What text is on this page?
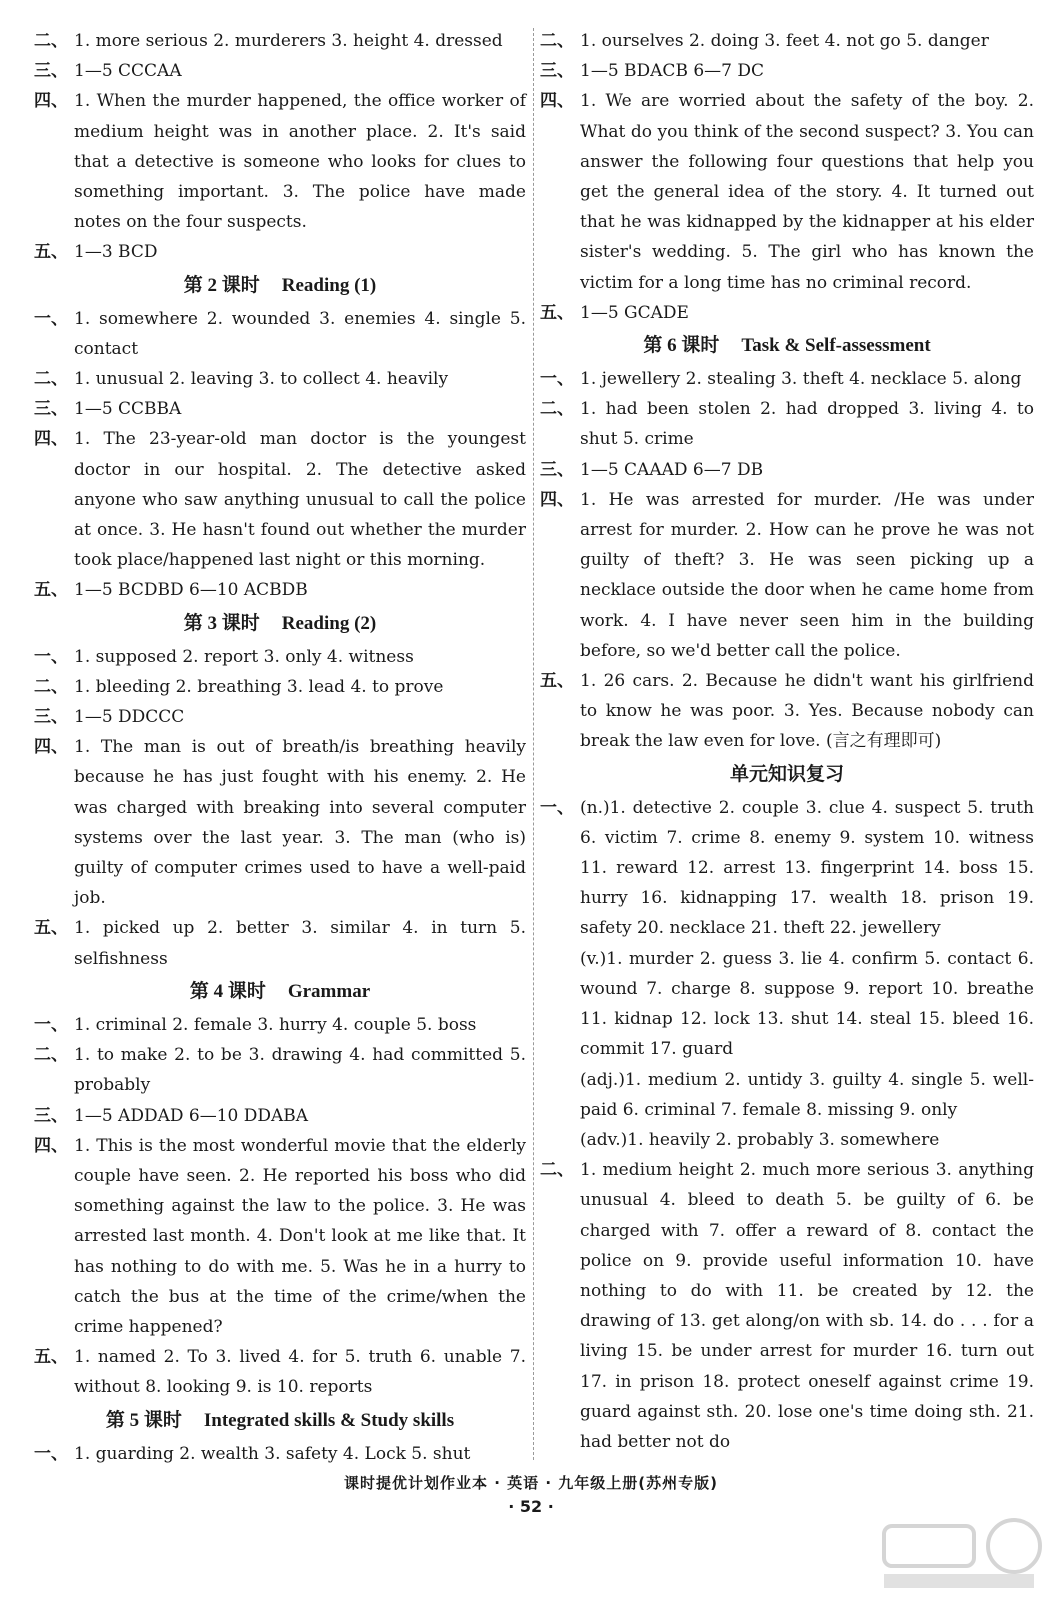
二、 1. more serious 2. murderers 3. height 4. dressed
三、 1—5 CCCAA
四、 1. When the murder happened, the office worker of medium height was in another place. 2. It's said that a detective is someone who looks for clues to something important. 3. The police have made notes on the four suspects.
五、 1—3 BCD
第 2 课时 Reading (1)
一、 1. somewhere 2. wounded 3. enemies 4. single 5. contact
二、 1. unusual 2. leaving 3. to collect 4. heavily
三、 1—5 CCBBA
四、 1. The 23-year-old man doctor is the youngest doctor in our hospital. 2. The detective asked anyone who saw anything unusual to call the police at once. 3. He hasn't found out whether the murder took place/happened last night or this morning.
五、 1—5 BCDBD 6—10 ACBDB
第 3 课时 Reading (2)
一、 1. supposed 2. report 3. only 4. witness
二、 1. bleeding 2. breathing 3. lead 4. to prove
三、 1—5 DDCCC
四、 1. The man is out of breath/is breathing heavily because he has just fought with his enemy. 2. He was charged with breaking into several computer systems over the last year. 3. The man (who is) guilty of computer crimes used to have a well-paid job.
五、 1. picked up 2. better 3. similar 4. in turn 5. selfishness
第 4 课时 Grammar
一、 1. criminal 2. female 3. hurry 4. couple 5. boss
二、 1. to make 2. to be 3. drawing 4. had committed 5. probably
三、 1—5 ADDAD 6—10 DDABA
四、 1. This is the most wonderful movie that the elderly couple have seen. 2. He reported his boss who did something against the law to the police. 3. He was arrested last month. 4. Don't look at me like that. It has nothing to do with me. 5. Was he in a hurry to catch the bus at the time of the crime/when the crime happened?
五、 1. named 2. To 3. lived 4. for 5. truth 6. unable 7. without 8. looking 9. is 10. reports
第 5 课时 Integrated skills & Study skills
一、 1. guarding 2. wealth 3. safety 4. Lock 5. shut
二、 1. ourselves 2. doing 3. feet 4. not go 5. danger
三、 1—5 BDACB 6—7 DC
四、 1. We are worried about the safety of the boy. 2. What do you think of the second suspect? 3. You can answer the following four questions that help you get the general idea of the story. 4. It turned out that he was kidnapped by the kidnapper at his elder sister's wedding. 5. The girl who has known the victim for a long time has no criminal record.
五、 1—5 GCADE
第 6 课时 Task & Self-assessment
一、 1. jewellery 2. stealing 3. theft 4. necklace 5. along
二、 1. had been stolen 2. had dropped 3. living 4. to shut 5. crime
三、 1—5 CAAAD 6—7 DB
四、 1. He was arrested for murder. /He was under arrest for murder. 2. How can he prove he was not guilty of theft? 3. He was seen picking up a necklace outside the door when he came home from work. 4. I have never seen him in the building before, so we'd better call the police.
五、 1. 26 cars. 2. Because he didn't want his girlfriend to know he was poor. 3. Yes. Because nobody can break the law even for love. (言之有理即可)
单元知识复习
一、 (n.)1. detective 2. couple 3. clue 4. suspect 5. truth 6. victim 7. crime 8. enemy 9. system 10. witness 11. reward 12. arrest 13. fingerprint 14. boss 15. hurry 16. kidnapping 17. wealth 18. prison 19. safety 20. necklace 21. theft 22. jewellery
(v.)1. murder 2. guess 3. lie 4. confirm 5. contact 6. wound 7. charge 8. suppose 9. report 10. breathe 11. kidnap 12. lock 13. shut 14. steal 15. bleed 16. commit 17. guard
(adj.)1. medium 2. untidy 3. guilty 4. single 5. well-paid 6. criminal 7. female 8. missing 9. only
(adv.)1. heavily 2. probably 3. somewhere
二、 1. medium height 2. much more serious 3. anything unusual 4. bleed to death 5. be guilty of 6. be charged with 7. offer a reward of 8. contact the police on 9. provide useful information 10. have nothing to do with 11. be created by 12. the drawing of 13. get along/on with sb. 14. do . . . for a living 15. be under arrest for murder 16. turn out 17. in prison 18. protect oneself against crime 19. guard against sth. 20. lose one's time doing sth. 21. had better not do
课时提优计划作业本 · 英语 · 九年级上册(苏州专版)
· 52 ·
